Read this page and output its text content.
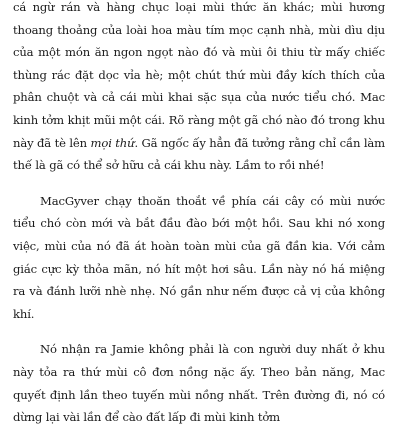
cá ngừ rán và hàng chục loại mùi thức ăn khác; mùi hương thoang thoảng của loài hoa màu tím mọc cạnh nhà, mùi dìu dịu của một món ăn ngon ngọt nào đó và mùi ôi thiu từ mấy chiếc thùng rác đặt dọc vỉa hè; một chút thứ mùi đầy kích thích của phân chuột và cả cái mùi khai sặc sụa của nước tiểu chó. Mac kinh tởm khịt mũi một cái. Rõ ràng một gã chó nào đó trong khu này đã tè lên mọi thứ. Gã ngốc ấy hẳn đã tưởng rằng chỉ cần làm thế là gã có thể sở hữu cả cái khu này. Lầm to rồi nhé!

MacGyver chạy thoăn thoắt về phía cái cây có mùi nước tiểu chó còn mới và bắt đầu đào bới một hồi. Sau khi nó xong việc, mùi của nó đã át hoàn toàn mùi của gã đần kia. Với cảm giác cực kỳ thỏa mãn, nó hít một hơi sâu. Lần này nó há miệng ra và đánh lưỡi nhè nhẹ. Nó gần như nếm được cả vị của không khí.

Nó nhận ra Jamie không phải là con người duy nhất ở khu này tỏa ra thứ mùi cô đơn nồng nặc ấy. Theo bản năng, Mac quyết định lần theo tuyến mùi nồng nhất. Trên đường đi, nó có dừng lại vài lần để cào đất lấp đi mùi kinh tởm
